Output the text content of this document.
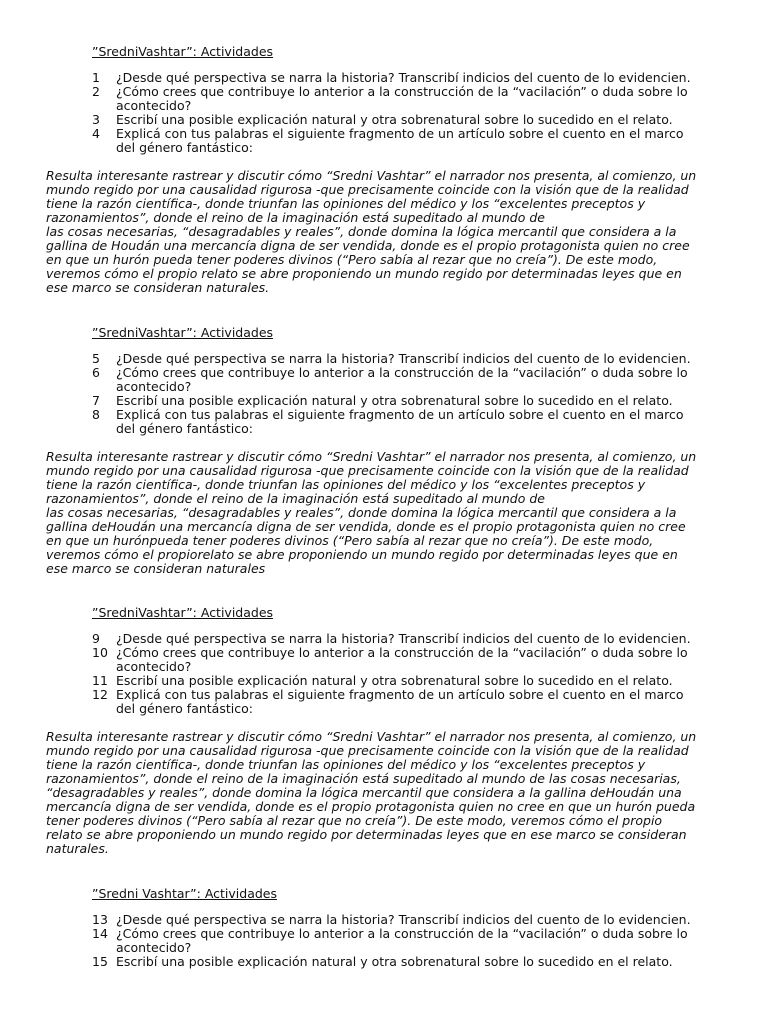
”SredniVashtar”: Actividades
1	¿Desde qué perspectiva se narra la historia? Transcribí indicios del cuento de lo evidencien.
2	¿Cómo crees que contribuye lo anterior a la construcción de la “vacilación” o duda sobre lo
acontecido?
3	Escribí una posible explicación natural y otra sobrenatural sobre lo sucedido en el relato.
4	Explicá con tus palabras el siguiente fragmento de un artículo sobre el cuento en el marco
del género fantástico:

Resulta interesante rastrear y discutir cómo “Sredni Vashtar” el narrador nos presenta, al comienzo, un
mundo regido por una causalidad rigurosa -que precisamente coincide con la visión que de la realidad
tiene la razón científica-, donde triunfan las opiniones del médico y los “excelentes preceptos y
razonamientos”, donde el reino de la imaginación está supeditado al mundo de
las cosas necesarias, “desagradables y reales”, donde domina la lógica mercantil que considera a la
gallina de Houdán una mercancía digna de ser vendida, donde es el propio protagonista quien no cree
en que un hurón pueda tener poderes divinos (“Pero sabía al rezar que no creía”). De este modo,
veremos cómo el propio relato se abre proponiendo un mundo regido por determinadas leyes que en
ese marco se consideran naturales.

”SredniVashtar”: Actividades
5	¿Desde qué perspectiva se narra la historia? Transcribí indicios del cuento de lo evidencien.
6	¿Cómo crees que contribuye lo anterior a la construcción de la “vacilación” o duda sobre lo
acontecido?
7	Escribí una posible explicación natural y otra sobrenatural sobre lo sucedido en el relato.
8	Explicá con tus palabras el siguiente fragmento de un artículo sobre el cuento en el marco
del género fantástico:

Resulta interesante rastrear y discutir cómo “Sredni Vashtar” el narrador nos presenta, al comienzo, un
mundo regido por una causalidad rigurosa -que precisamente coincide con la visión que de la realidad
tiene la razón científica-, donde triunfan las opiniones del médico y los “excelentes preceptos y
razonamientos”, donde el reino de la imaginación está supeditado al mundo de
las cosas necesarias, “desagradables y reales”, donde domina la lógica mercantil que considera a la
gallina deHoudán una mercancía digna de ser vendida, donde es el propio protagonista quien no cree
en que un hurónpueda tener poderes divinos (“Pero sabía al rezar que no creía”). De este modo,
veremos cómo el propiorelato se abre proponiendo un mundo regido por determinadas leyes que en
ese marco se consideran naturales

”SredniVashtar”: Actividades
9	¿Desde qué perspectiva se narra la historia? Transcribí indicios del cuento de lo evidencien.
10 ¿Cómo crees que contribuye lo anterior a la construcción de la “vacilación” o duda sobre lo
acontecido?
11 Escribí una posible explicación natural y otra sobrenatural sobre lo sucedido en el relato.
12 Explicá con tus palabras el siguiente fragmento de un artículo sobre el cuento en el marco
del género fantástico:

Resulta interesante rastrear y discutir cómo “Sredni Vashtar” el narrador nos presenta, al comienzo, un
mundo regido por una causalidad rigurosa -que precisamente coincide con la visión que de la realidad
tiene la razón científica-, donde triunfan las opiniones del médico y los “excelentes preceptos y
razonamientos”, donde el reino de la imaginación está supeditado al mundo de las cosas necesarias,
“desagradables y reales”, donde domina la lógica mercantil que considera a la gallina deHoudán una
mercancía digna de ser vendida, donde es el propio protagonista quien no cree en que un hurón pueda
tener poderes divinos (“Pero sabía al rezar que no creía”). De este modo, veremos cómo el propio
relato se abre proponiendo un mundo regido por determinadas leyes que en ese marco se consideran
naturales.

”Sredni Vashtar”: Actividades
13 ¿Desde qué perspectiva se narra la historia? Transcribí indicios del cuento de lo evidencien.
14 ¿Cómo crees que contribuye lo anterior a la construcción de la “vacilación” o duda sobre lo
acontecido?
15 Escribí una posible explicación natural y otra sobrenatural sobre lo sucedido en el relato.
